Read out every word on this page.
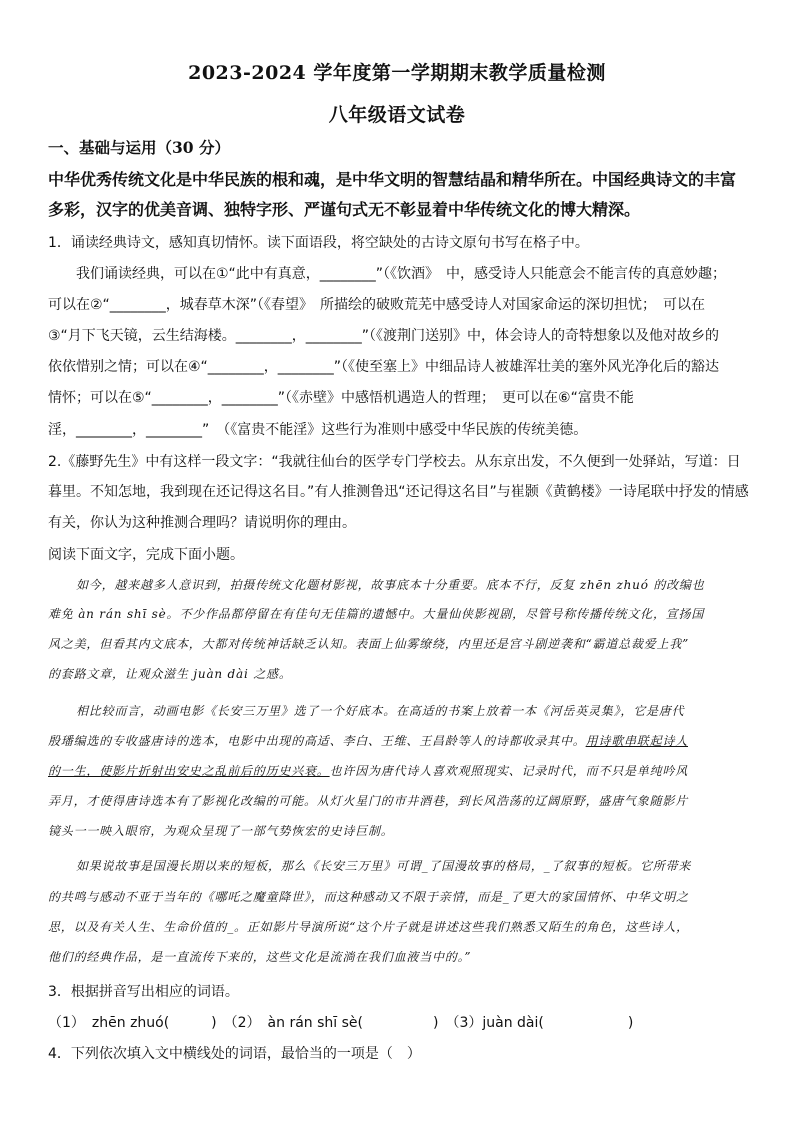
2023-2024 学年度第一学期期末教学质量检测
八年级语文试卷
一、基础与运用（30 分）
中华优秀传统文化是中华民族的根和魂，是中华文明的智慧结晶和精华所在。中国经典诗文的丰富
多彩，汉字的优美音调、独特字形、严谨句式无不彰显着中华传统文化的博大精深。
1．诵读经典诗文，感知真切情怀。读下面语段，将空缺处的古诗文原句书写在格子中。
我们诵读经典，可以在①“此中有真意，________”（《饮酒》　中，感受诗人只能意会不能言传的真意妙趣；
可以在②“________，城春草木深”（《春望》　所描绘的破败荒芜中感受诗人对国家命运的深切担忧；　可以在
③“月下飞天镜，云生结海楼。________，________”（《渡荆门送别》中，体会诗人的奇特想象以及他对故乡的
依依惜别之情；可以在④“________，________”（《使至塞上》中细品诗人被雄浑壮美的塞外风光净化后的豁达
情怀；可以在⑤“________，________”（《赤壁》中感悟机遇造人的哲理；　更可以在⑥“富贵不能
淫，________，________”　（《富贵不能淫》这些行为准则中感受中华民族的传统美德。
2.《藤野先生》中有这样一段文字：“我就往仙台的医学专门学校去。从东京出发，不久便到一处驿站，写道：日
暮里。不知怎地，我到现在还记得这名目。”有人推测鲁迅“还记得这名目”与崔颢《黄鹤楼》一诗尾联中抒发的情感
有关，你认为这种推测合理吗？请说明你的理由。
阅读下面文字，完成下面小题。
如今，越来越多人意识到，拍摄传统文化题材影视，故事底本十分重要。底本不行，反复 zhēn zhuó 的改编也
难免 àn rán shī sè。不少作品都停留在有佳句无佳篇的遗憾中。大量仙侠影视剧，尽管号称传播传统文化，宣扬国
风之美，但看其内文底本，大都对传统神话缺乏认知。表面上仙雾缭绕，内里还是宫斗剧逆袭和“霸道总裁爱上我”
的套路文章，让观众滋生 juàn dài 之感。
相比较而言，动画电影《长安三万里》选了一个好底本。在高适的书案上放着一本《河岳英灵集》，它是唐代
殷璠编选的专收盛唐诗的选本，电影中出现的高适、李白、王维、王昌龄等人的诗都收录其中。用诗歌串联起诗人
的一生，使影片折射出安史之乱前后的历史兴衰。也许因为唐代诗人喜欢观照现实、记录时代，而不只是单纯吟风
弄月，才使得唐诗选本有了影视化改编的可能。从灯火星门的市井酒巷，到长风浩荡的辽阔原野，盛唐气象随影片
镜头一一映入眼帘，为观众呈现了一部气势恢宏的史诗巨制。
如果说故事是国漫长期以来的短板，那么《长安三万里》可谓_了国漫故事的格局，_了叙事的短板。它所带来
的共鸣与感动不亚于当年的《哪吒之魔童降世》，而这种感动又不限于亲情，而是_了更大的家国情怀、中华文明之
思，以及有关人生、生命价值的_。正如影片导演所说“这个片子就是讲述这些我们熟悉又陌生的角色，这些诗人，
他们的经典作品，是一直流传下来的，这些文化是流淌在我们血液当中的。”
3．根据拼音写出相应的词语。
（1）　zhēn zhuó(　　　)　（2）　àn rán shī sè(　　　　　)　（3）juàn dài(　　　　　　)
4．下列依次填入文中横线处的词语，最恰当的一项是（　）
